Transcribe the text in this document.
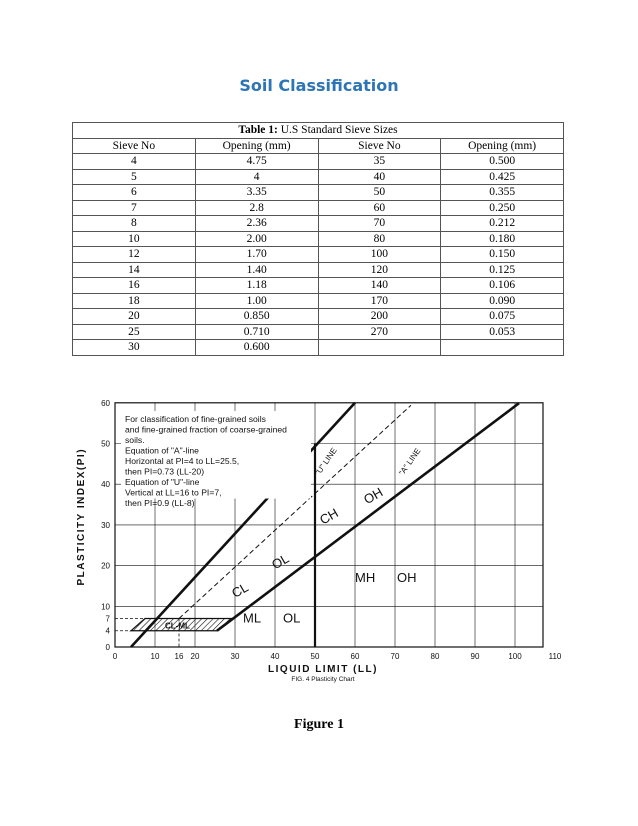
Soil Classification
Table 1: U.S Standard Sieve Sizes			
Sieve No	Opening (mm)	Sieve No	Opening (mm)
4	4.75	35	0.500
5	4	40	0.425
6	3.35	50	0.355
7	2.8	60	0.250
8	2.36	70	0.212
10	2.00	80	0.180
12	1.70	100	0.150
14	1.40	120	0.125
16	1.18	140	0.106
18	1.00	170	0.090
20	0.850	200	0.075
25	0.710	270	0.053
30	0.600		
For classification of fine-grained soils
and fine-grained fraction of coarse-grained
soils.
Equation of "A"-line
Horizontal at PI=4 to LL=25.5,
then PI=0.73 (LL-20)
Equation of "U"-line
Vertical at LL=16 to PI=7,
then PI=0.9 (LL-8)
0	10 16 20	30	40	50	60	70	80	90	100	110
0
4
7
10
20
30
40
50
60
LIQUID LIMIT (LL)
FIG. 4 Plasticity Chart
PLASTICITY INDEX(PI)	CH
OH
CL
OL
MH OH
ML OL
CL-ML
"U" LINE	"A" LINE
Figure 1
